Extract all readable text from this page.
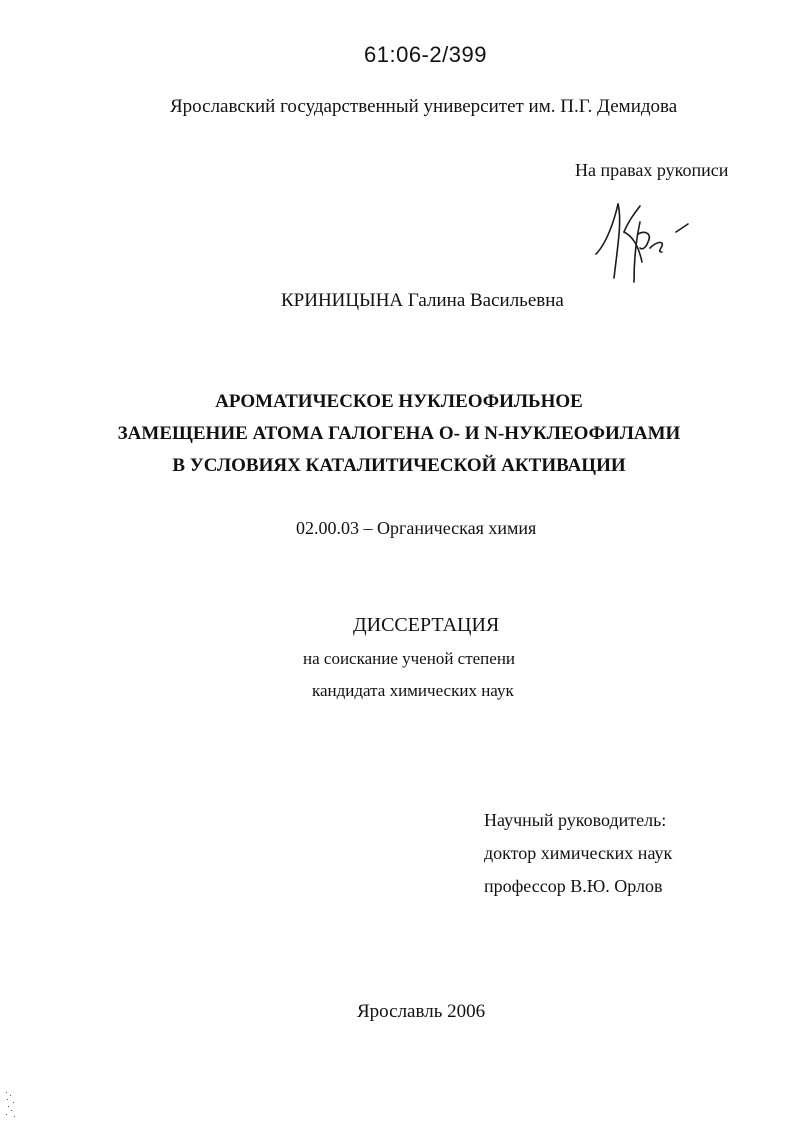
61:06-2/399
Ярославский государственный университет им. П.Г. Демидова
На правах рукописи
КРИНИЦЫНА Галина Васильевна
АРОМАТИЧЕСКОЕ НУКЛЕОФИЛЬНОЕ
ЗАМЕЩЕНИЕ АТОМА ГАЛОГЕНА О- И N-НУКЛЕОФИЛАМИ
В УСЛОВИЯХ КАТАЛИТИЧЕСКОЙ АКТИВАЦИИ
02.00.03 – Органическая химия
ДИССЕРТАЦИЯ
на соискание ученой степени
кандидата химических наук
Научный руководитель:
доктор химических наук
профессор В.Ю. Орлов
Ярославль 2006
